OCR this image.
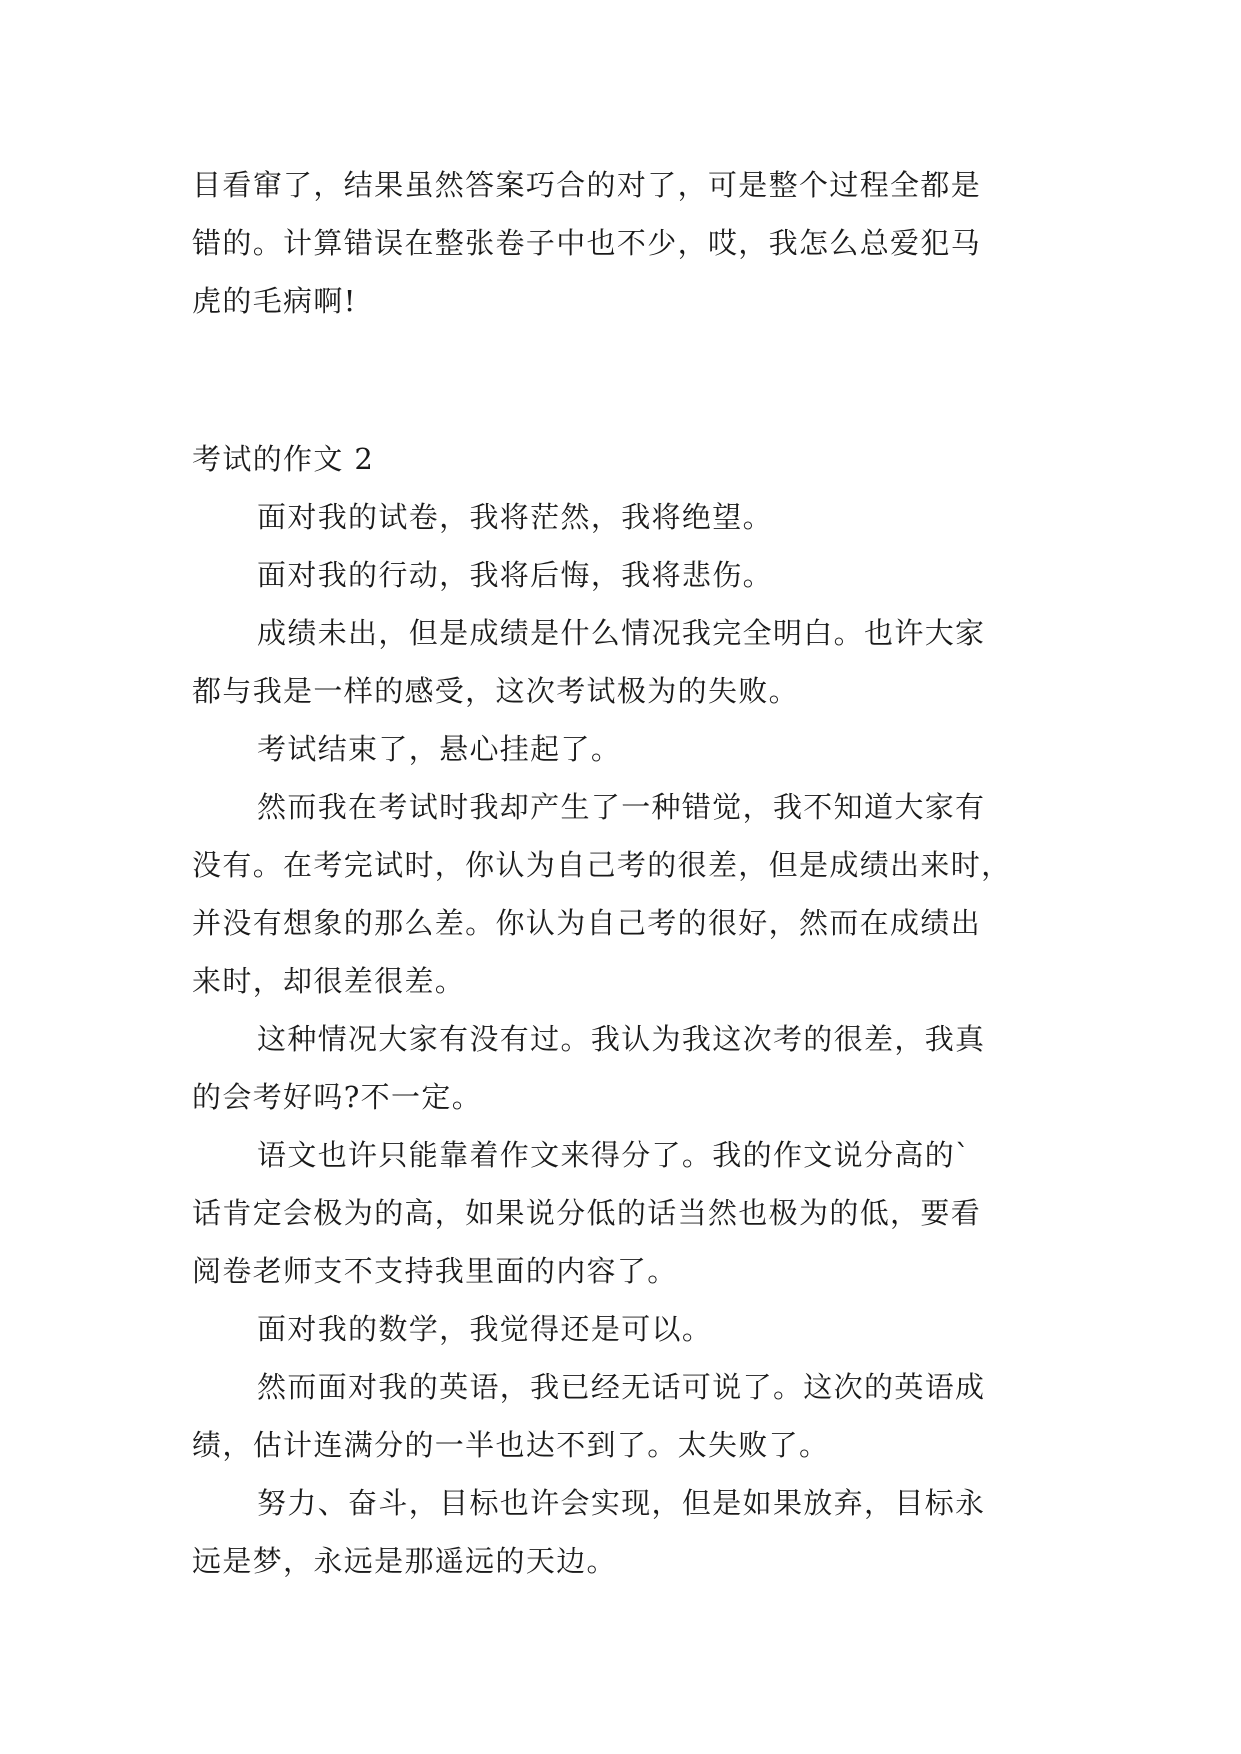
目看窜了，结果虽然答案巧合的对了，可是整个过程全都是
错的。计算错误在整张卷子中也不少，哎，我怎么总爱犯马
虎的毛病啊!
考试的作文 2
面对我的试卷，我将茫然，我将绝望。
面对我的行动，我将后悔，我将悲伤。
成绩未出，但是成绩是什么情况我完全明白。也许大家
都与我是一样的感受，这次考试极为的失败。
考试结束了，悬心挂起了。
然而我在考试时我却产生了一种错觉，我不知道大家有
没有。在考完试时，你认为自己考的很差，但是成绩出来时，
并没有想象的那么差。你认为自己考的很好，然而在成绩出
来时，却很差很差。
这种情况大家有没有过。我认为我这次考的很差，我真
的会考好吗?不一定。
语文也许只能靠着作文来得分了。我的作文说分高的`
话肯定会极为的高，如果说分低的话当然也极为的低，要看
阅卷老师支不支持我里面的内容了。
面对我的数学，我觉得还是可以。
然而面对我的英语，我已经无话可说了。这次的英语成
绩，估计连满分的一半也达不到了。太失败了。
努力、奋斗，目标也许会实现，但是如果放弃，目标永
远是梦，永远是那遥远的天边。
